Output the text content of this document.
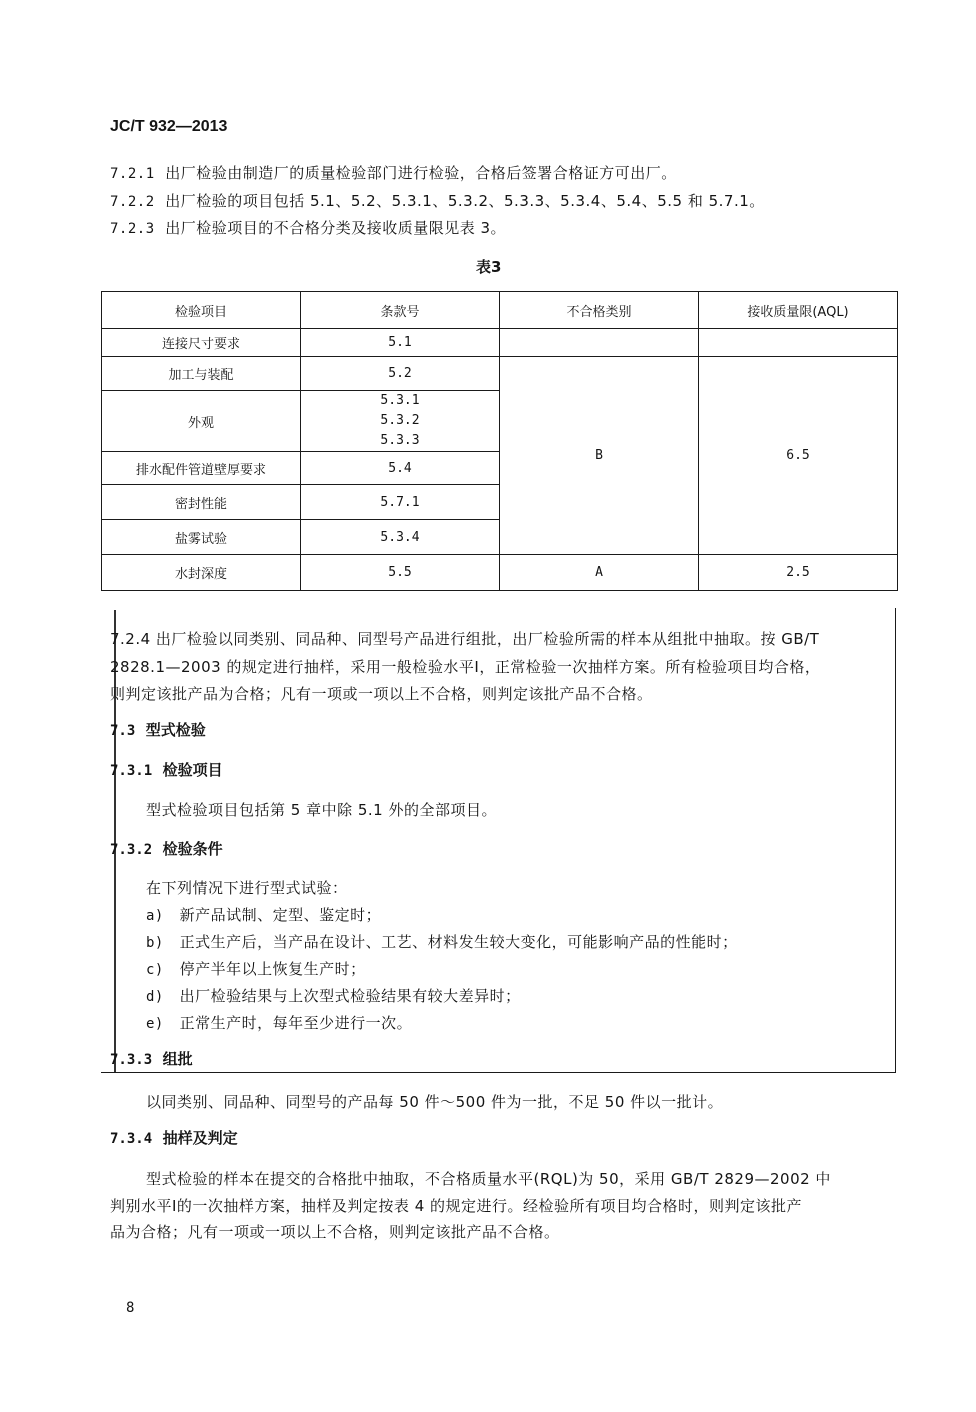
JC/T 932—2013
7.2.1 出厂检验由制造厂的质量检验部门进行检验，合格后签署合格证方可出厂。
7.2.2 出厂检验的项目包括 5.1、5.2、5.3.1、5.3.2、5.3.3、5.3.4、5.4、5.5 和 5.7.1。
7.2.3 出厂检验项目的不合格分类及接收质量限见表 3。
表3
检验项目	条款号	不合格类别	接收质量限(AQL)
连接尺寸要求	5.1		
加工与装配	5.2	B	6.5
外观	5.3.1
5.3.2
5.3.3		

排水配件管道壁厚要求	5.4		
密封性能	5.7.1		
盐雾试验	5.3.4		
水封深度	5.5	A	2.5
7.2.4 出厂检验以同类别、同品种、同型号产品进行组批，出厂检验所需的样本从组批中抽取。按 GB/T
2828.1—2003 的规定进行抽样，采用一般检验水平Ⅰ，正常检验一次抽样方案。所有检验项目均合格，
则判定该批产品为合格；凡有一项或一项以上不合格，则判定该批产品不合格。
7.3 型式检验
7.3.1 检验项目
型式检验项目包括第 5 章中除 5.1 外的全部项目。
7.3.2 检验条件
在下列情况下进行型式试验：
a) 新产品试制、定型、鉴定时；
b) 正式生产后，当产品在设计、工艺、材料发生较大变化，可能影响产品的性能时；
c) 停产半年以上恢复生产时；
d) 出厂检验结果与上次型式检验结果有较大差异时；
e) 正常生产时，每年至少进行一次。
7.3.3 组批
以同类别、同品种、同型号的产品每 50 件～500 件为一批，不足 50 件以一批计。
7.3.4 抽样及判定
型式检验的样本在提交的合格批中抽取，不合格质量水平(RQL)为 50，采用 GB/T 2829—2002 中
判别水平Ⅰ的一次抽样方案，抽样及判定按表 4 的规定进行。经检验所有项目均合格时，则判定该批产
品为合格；凡有一项或一项以上不合格，则判定该批产品不合格。
8
